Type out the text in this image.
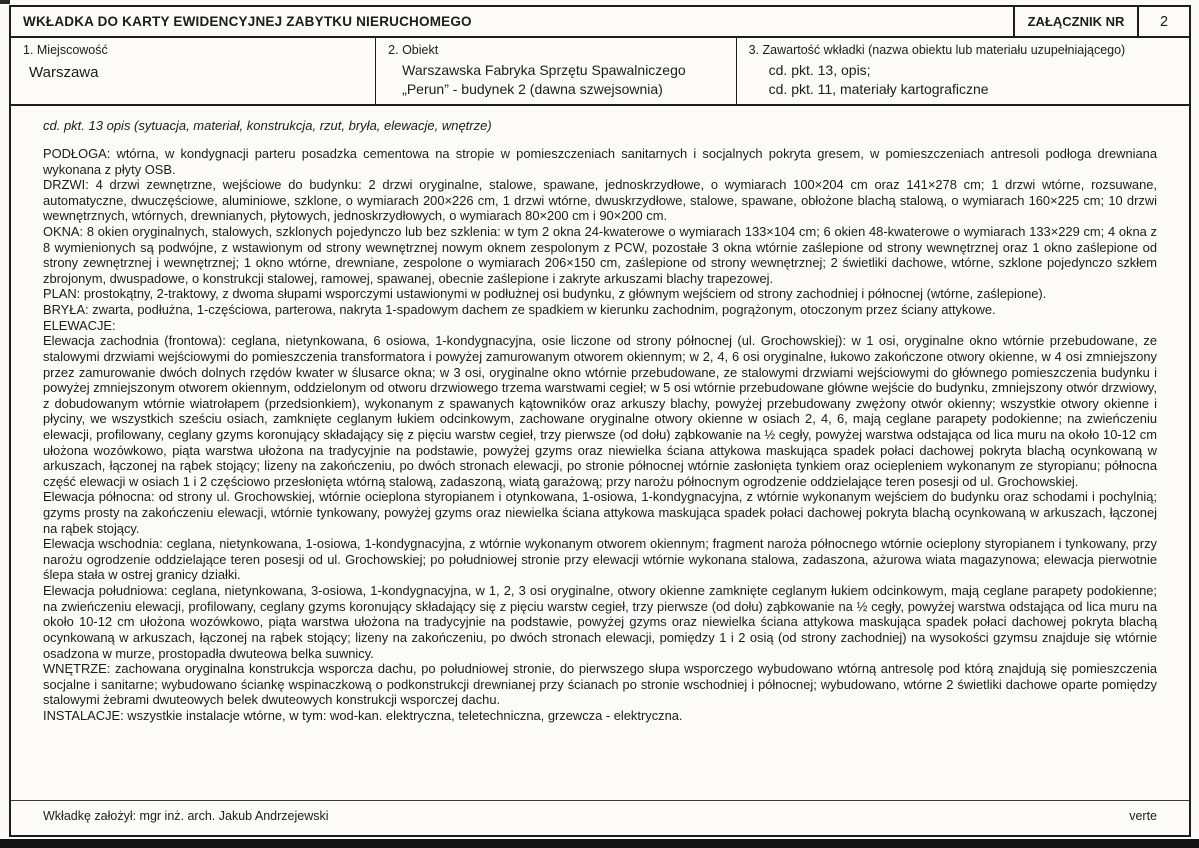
WKŁADKA DO KARTY EWIDENCYJNEJ ZABYTKU NIERUCHOMEGO	ZAŁĄCZNIK NR	2
1. Miejscowość
Warszawa
2. Obiekt
Warszawska Fabryka Sprzętu Spawalniczego
„Perun” - budynek 2 (dawna szwejsownia)
3. Zawartość wkładki (nazwa obiektu lub materiału uzupełniającego)
cd. pkt. 13, opis;
cd. pkt. 11, materiały kartograficzne

cd. pkt. 13 opis (sytuacja, materiał, konstrukcja, rzut, bryła, elewacje, wnętrze)

PODŁOGA: wtórna, w kondygnacji parteru posadzka cementowa na stropie w pomieszczeniach sanitarnych i socjalnych pokryta gresem, w pomieszczeniach antresoli podłoga drewniana wykonana z płyty OSB.

DRZWI: 4 drzwi zewnętrzne, wejściowe do budynku: 2 drzwi oryginalne, stalowe, spawane, jednoskrzydłowe, o wymiarach 100×204 cm oraz 141×278 cm; 1 drzwi wtórne, rozsuwane, automatyczne, dwuczęściowe, aluminiowe, szklone, o wymiarach 200×226 cm, 1 drzwi wtórne, dwuskrzydłowe, stalowe, spawane, obłożone blachą stalową, o wymiarach 160×225 cm; 10 drzwi wewnętrznych, wtórnych, drewnianych, płytowych, jednoskrzydłowych, o wymiarach 80×200 cm i 90×200 cm.

OKNA: 8 okien oryginalnych, stalowych, szklonych pojedynczo lub bez szklenia: w tym 2 okna 24-kwaterowe o wymiarach 133×104 cm; 6 okien 48-kwaterowe o wymiarach 133×229 cm; 4 okna z 8 wymienionych są podwójne, z wstawionym od strony wewnętrznej nowym oknem zespolonym z PCW, pozostałe 3 okna wtórnie zaślepione od strony wewnętrznej oraz 1 okno zaślepione od strony zewnętrznej i wewnętrznej; 1 okno wtórne, drewniane, zespolone o wymiarach 206×150 cm, zaślepione od strony wewnętrznej; 2 świetliki dachowe, wtórne, szklone pojedynczo szkłem zbrojonym, dwuspadowe, o konstrukcji stalowej, ramowej, spawanej, obecnie zaślepione i zakryte arkuszami blachy trapezowej.

PLAN: prostokątny, 2-traktowy, z dwoma słupami wsporczymi ustawionymi w podłużnej osi budynku, z głównym wejściem od strony zachodniej i północnej (wtórne, zaślepione).

BRYŁA: zwarta, podłużna, 1-częściowa, parterowa, nakryta 1-spadowym dachem ze spadkiem w kierunku zachodnim, pogrążonym, otoczonym przez ściany attykowe.

ELEWACJE:

Elewacja zachodnia (frontowa): ceglana, nietynkowana, 6 osiowa, 1-kondygnacyjna, osie liczone od strony północnej (ul. Grochowskiej): w 1 osi, oryginalne okno wtórnie przebudowane, ze stalowymi drzwiami wejściowymi do pomieszczenia transformatora i powyżej zamurowanym otworem okiennym; w 2, 4, 6 osi oryginalne, łukowo zakończone otwory okienne, w 4 osi zmniejszony przez zamurowanie dwóch dolnych rzędów kwater w ślusarce okna; w 3 osi, oryginalne okno wtórnie przebudowane, ze stalowymi drzwiami wejściowymi do głównego pomieszczenia budynku i powyżej zmniejszonym otworem okiennym, oddzielonym od otworu drzwiowego trzema warstwami cegieł; w 5 osi wtórnie przebudowane główne wejście do budynku, zmniejszony otwór drzwiowy, z dobudowanym wtórnie wiatrołapem (przedsionkiem), wykonanym z spawanych kątowników oraz arkuszy blachy, powyżej przebudowany zwężony otwór okienny; wszystkie otwory okienne i płyciny, we wszystkich sześciu osiach, zamknięte ceglanym łukiem odcinkowym, zachowane oryginalne otwory okienne w osiach 2, 4, 6, mają ceglane parapety podokienne; na zwieńczeniu elewacji, profilowany, ceglany gzyms koronujący składający się z pięciu warstw cegieł, trzy pierwsze (od dołu) ząbkowanie na ½ cegły, powyżej warstwa odstająca od lica muru na około 10-12 cm ułożona wozówkowo, piąta warstwa ułożona na tradycyjnie na podstawie, powyżej gzyms oraz niewielka ściana attykowa maskująca spadek połaci dachowej pokryta blachą ocynkowaną w arkuszach, łączonej na rąbek stojący; lizeny na zakończeniu, po dwóch stronach elewacji, po stronie północnej wtórnie zasłonięta tynkiem oraz ociepleniem wykonanym ze styropianu; północna część elewacji w osiach 1 i 2 częściowo przesłonięta wtórną stalową, zadaszoną, wiatą garażową; przy narożu północnym ogrodzenie oddzielające teren posesji od ul. Grochowskiej.

Elewacja północna: od strony ul. Grochowskiej, wtórnie ocieplona styropianem i otynkowana, 1-osiowa, 1-kondygnacyjna, z wtórnie wykonanym wejściem do budynku oraz schodami i pochylnią; gzyms prosty na zakończeniu elewacji, wtórnie tynkowany, powyżej gzyms oraz niewielka ściana attykowa maskująca spadek połaci dachowej pokryta blachą ocynkowaną w arkuszach, łączonej na rąbek stojący.

Elewacja wschodnia: ceglana, nietynkowana, 1-osiowa, 1-kondygnacyjna, z wtórnie wykonanym otworem okiennym; fragment naroża północnego wtórnie ocieplony styropianem i tynkowany, przy narożu ogrodzenie oddzielające teren posesji od ul. Grochowskiej; po południowej stronie przy elewacji wtórnie wykonana stalowa, zadaszona, ażurowa wiata magazynowa; elewacja pierwotnie ślepa stała w ostrej granicy działki.

Elewacja południowa: ceglana, nietynkowana, 3-osiowa, 1-kondygnacyjna, w 1, 2, 3 osi oryginalne, otwory okienne zamknięte ceglanym łukiem odcinkowym, mają ceglane parapety podokienne; na zwieńczeniu elewacji, profilowany, ceglany gzyms koronujący składający się z pięciu warstw cegieł, trzy pierwsze (od dołu) ząbkowanie na ½ cegły, powyżej warstwa odstająca od lica muru na około 10-12 cm ułożona wozówkowo, piąta warstwa ułożona na tradycyjnie na podstawie, powyżej gzyms oraz niewielka ściana attykowa maskująca spadek połaci dachowej pokryta blachą ocynkowaną w arkuszach, łączonej na rąbek stojący; lizeny na zakończeniu, po dwóch stronach elewacji, pomiędzy 1 i 2 osią (od strony zachodniej) na wysokości gzymsu znajduje się wtórnie osadzona w murze, prostopadła dwuteowa belka suwnicy.

WNĘTRZE: zachowana oryginalna konstrukcja wsporcza dachu, po południowej stronie, do pierwszego słupa wsporczego wybudowano wtórną antresolę pod którą znajdują się pomieszczenia socjalne i sanitarne; wybudowano ściankę wspinaczkową o podkonstrukcji drewnianej przy ścianach po stronie wschodniej i północnej; wybudowano, wtórne 2 świetliki dachowe oparte pomiędzy stalowymi żebrami dwuteowych belek dwuteowych konstrukcji wsporczej dachu.

INSTALACJE: wszystkie instalacje wtórne, w tym: wod-kan. elektryczna, teletechniczna, grzewcza - elektryczna.

Wkładkę założył: mgr inż. arch. Jakub Andrzejewski	verte
